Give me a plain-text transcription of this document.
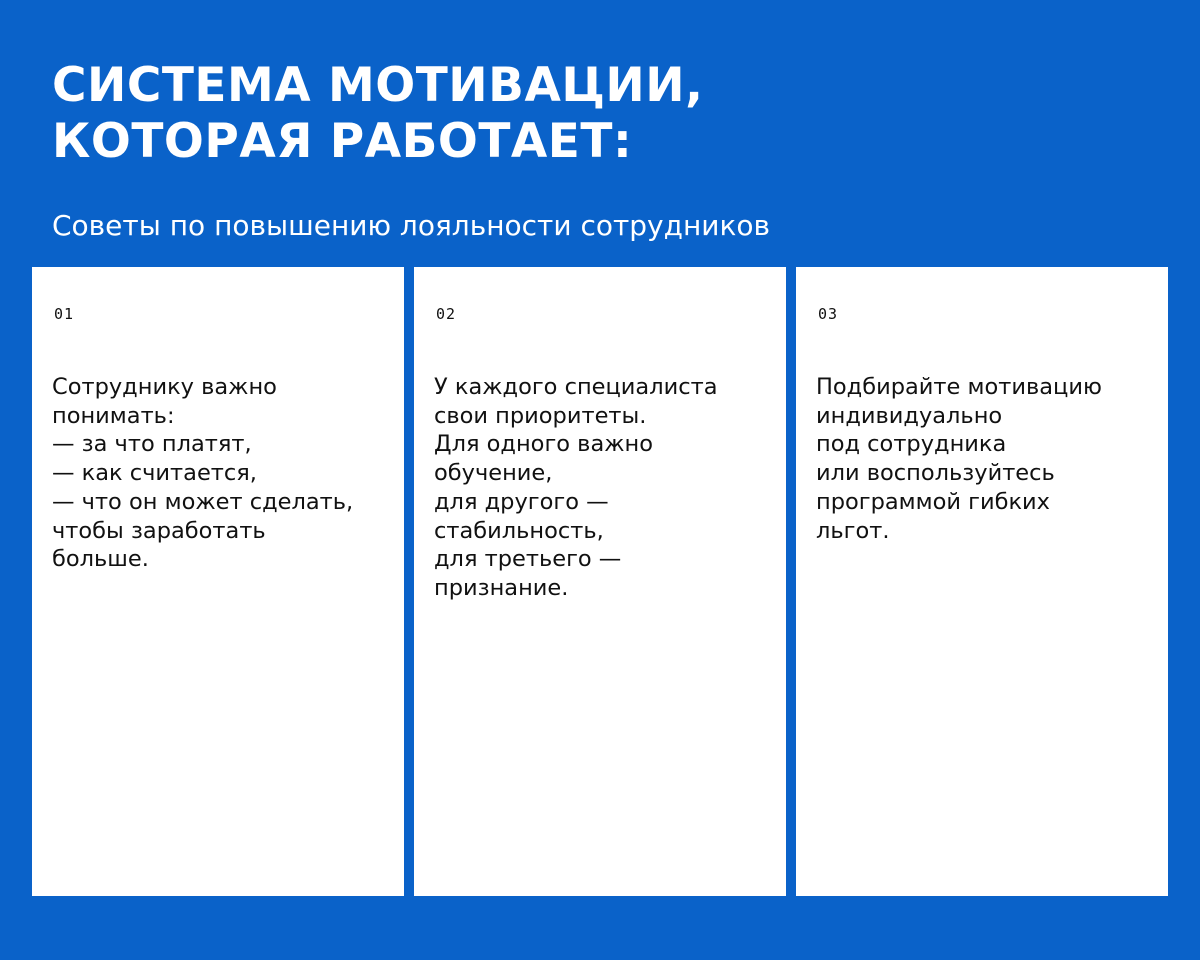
СИСТЕМА МОТИВАЦИИ,
КОТОРАЯ РАБОТАЕТ:
Советы по повышению лояльности сотрудников
01
Сотруднику важно
понимать:
— за что платят,
— как считается,
— что он может сделать,
чтобы заработать
больше.
02
У каждого специалиста
свои приоритеты.
Для одного важно
обучение,
для другого —
стабильность,
для третьего —
признание.
03
Подбирайте мотивацию
индивидуально
под сотрудника
или воспользуйтесь
программой гибких
льгот.
